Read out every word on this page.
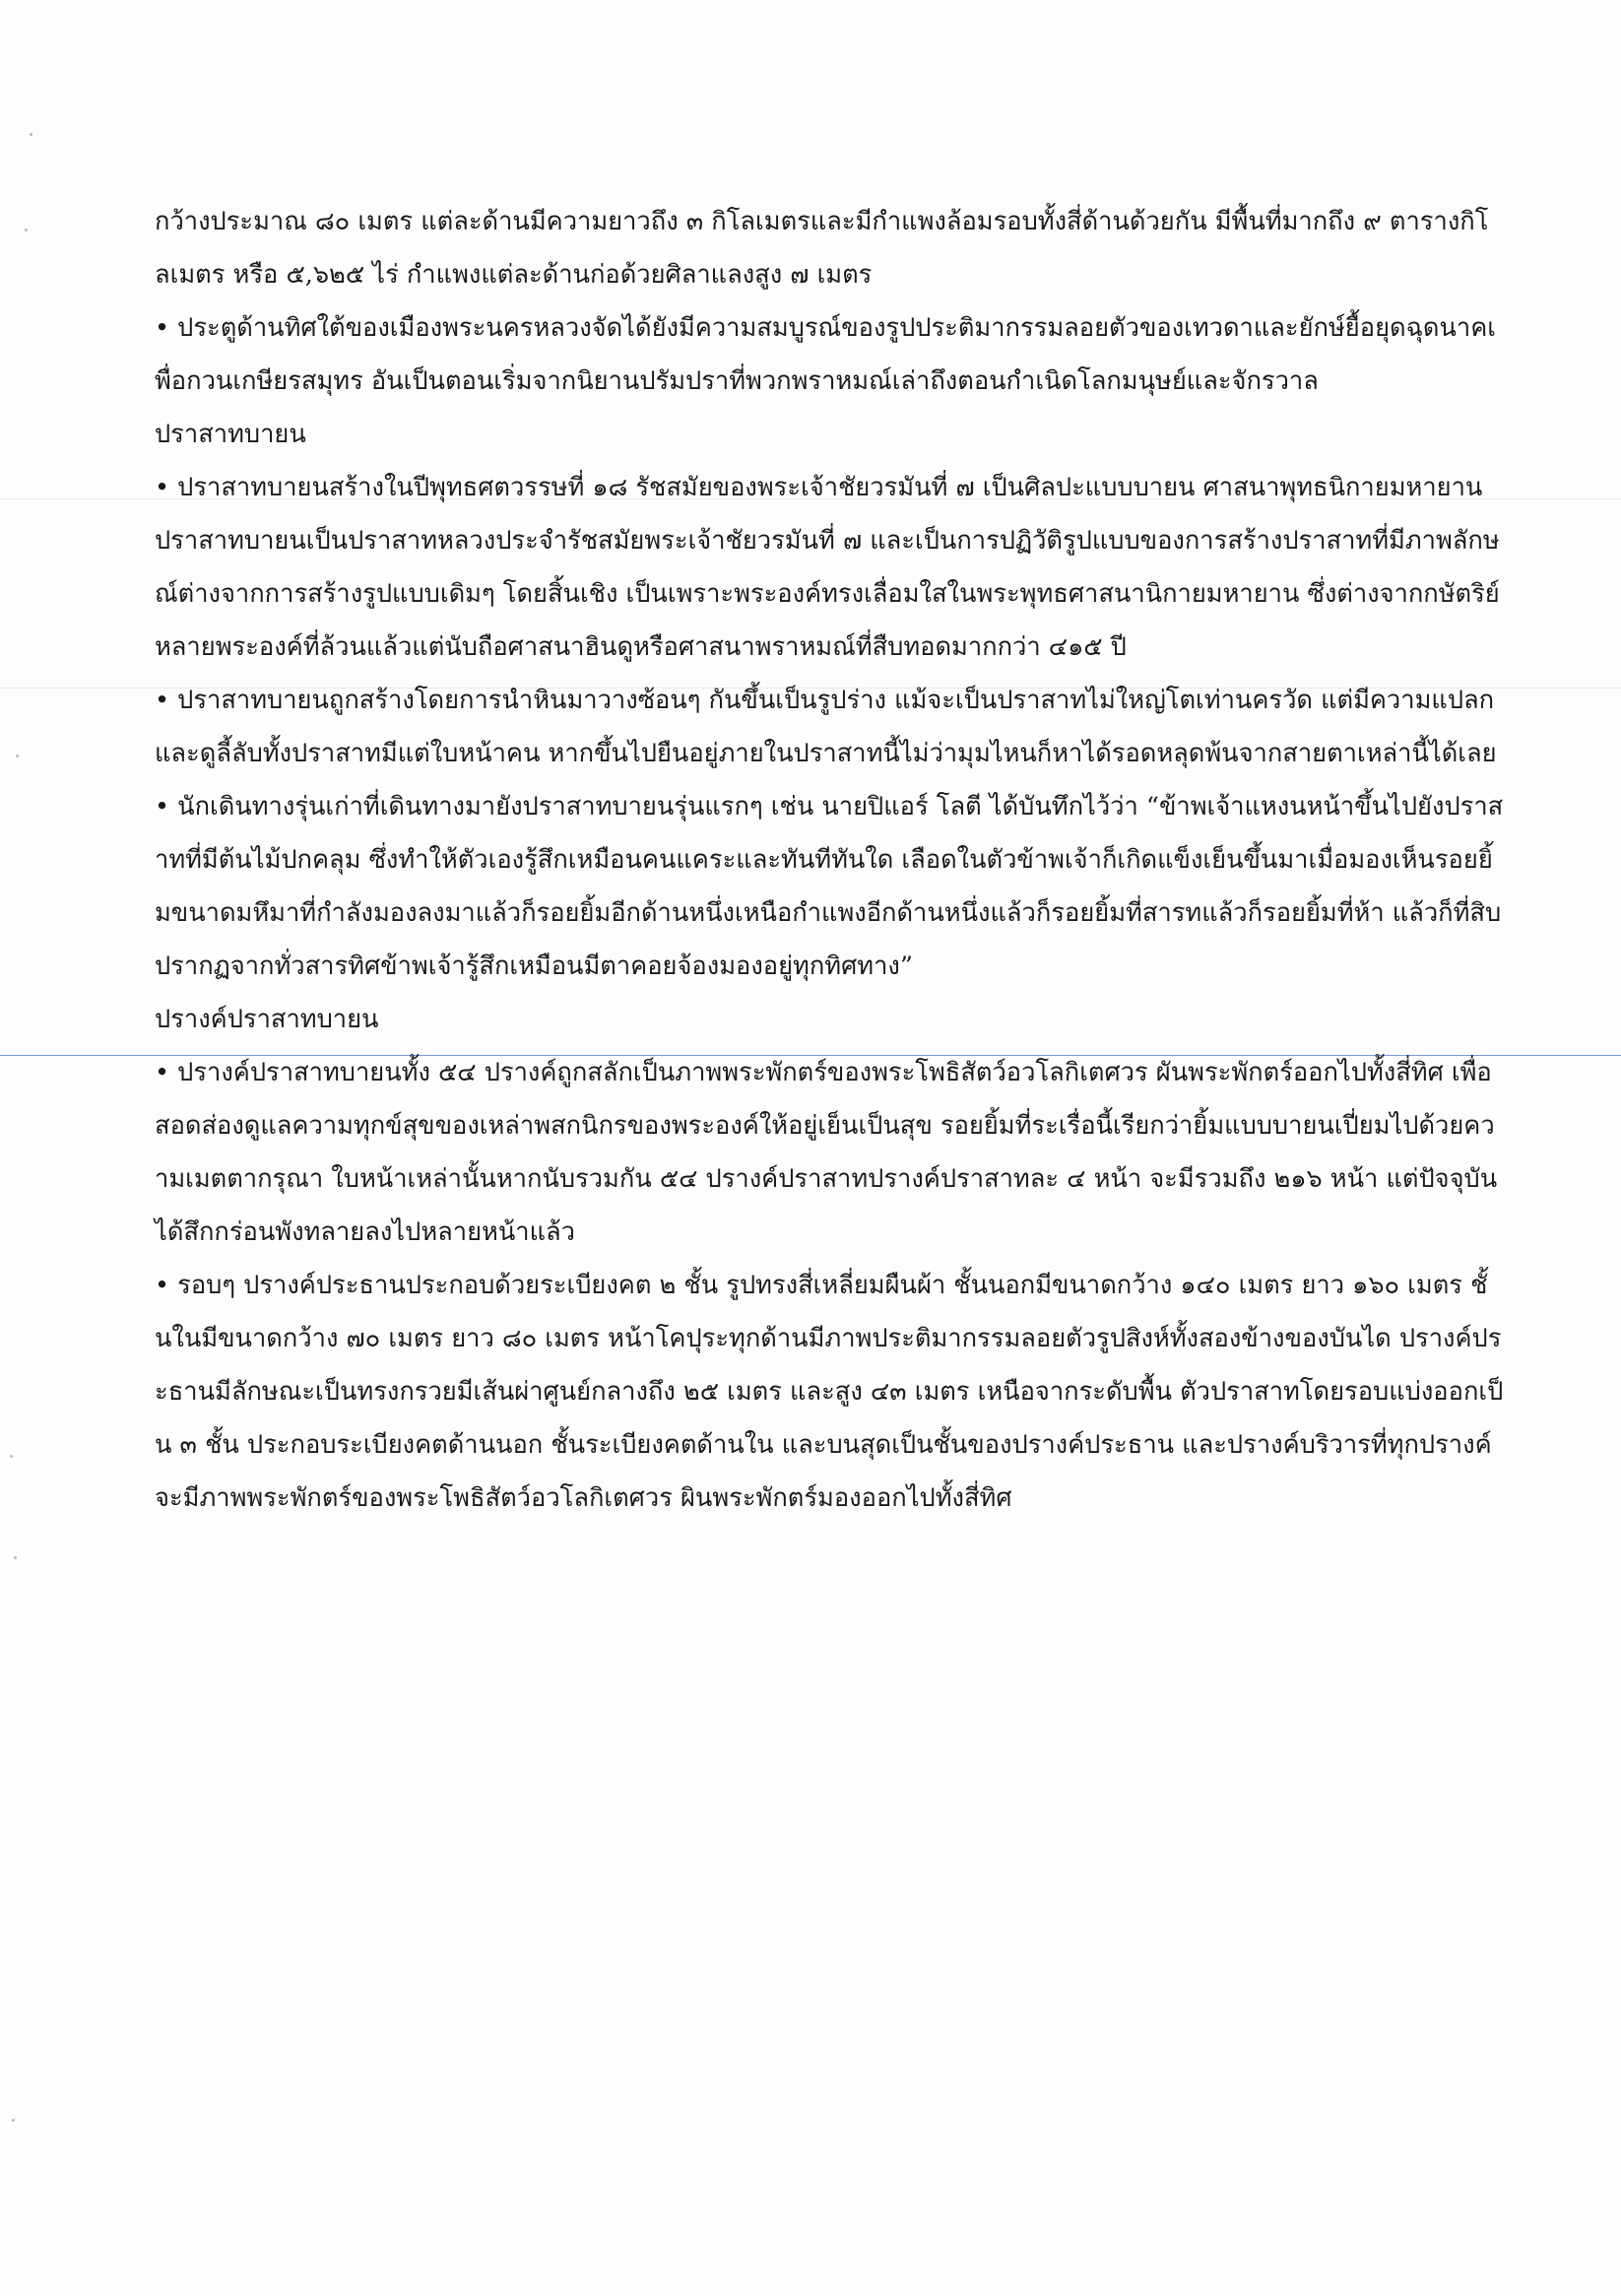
กว้างประมาณ ๘๐ เมตร แต่ละด้านมีความยาวถึง ๓ กิโลเมตรและมีกำแพงล้อมรอบทั้งสี่ด้านด้วยกัน มีพื้นที่มากถึง ๙ ตารางกิโลเมตร หรือ ๕,๖๒๕ ไร่ กำแพงแต่ละด้านก่อด้วยศิลาแลงสูง ๗ เมตร

• ประตูด้านทิศใต้ของเมืองพระนครหลวงจัดได้ยังมีความสมบูรณ์ของรูปประติมากรรมลอยตัวของเทวดาและยักษ์ยื้อยุดฉุดนาคเพื่อกวนเกษียรสมุทร อันเป็นตอนเริ่มจากนิยานปรัมปราที่พวกพราหมณ์เล่าถึงตอนกำเนิดโลกมนุษย์และจักรวาล

ปราสาทบายน

• ปราสาทบายนสร้างในปีพุทธศตวรรษที่ ๑๘ รัชสมัยของพระเจ้าชัยวรมันที่ ๗ เป็นศิลปะแบบบายน ศาสนาพุทธนิกายมหายาน ปราสาทบายนเป็นปราสาทหลวงประจำรัชสมัยพระเจ้าชัยวรมันที่ ๗ และเป็นการปฏิวัติรูปแบบของการสร้างปราสาทที่มีภาพลักษณ์ต่างจากการสร้างรูปแบบเดิมๆ โดยสิ้นเชิง เป็นเพราะพระองค์ทรงเลื่อมใสในพระพุทธศาสนานิกายมหายาน ซึ่งต่างจากกษัตริย์หลายพระองค์ที่ล้วนแล้วแต่นับถือศาสนาฮินดูหรือศาสนาพราหมณ์ที่สืบทอดมากกว่า ๔๑๕ ปี

• ปราสาทบายนถูกสร้างโดยการนำหินมาวางซ้อนๆ กันขึ้นเป็นรูปร่าง แม้จะเป็นปราสาทไม่ใหญ่โตเท่านครวัด แต่มีความแปลกและดูลี้ลับทั้งปราสาทมีแต่ใบหน้าคน หากขึ้นไปยืนอยู่ภายในปราสาทนี้ไม่ว่ามุมไหนก็หาได้รอดหลุดพ้นจากสายตาเหล่านี้ได้เลย

• นักเดินทางรุ่นเก่าที่เดินทางมายังปราสาทบายนรุ่นแรกๆ เช่น นายปิแอร์ โลตี ได้บันทึกไว้ว่า “ข้าพเจ้าแหงนหน้าขึ้นไปยังปราสาทที่มีต้นไม้ปกคลุม ซึ่งทำให้ตัวเองรู้สึกเหมือนคนแคระและทันทีทันใด เลือดในตัวข้าพเจ้าก็เกิดแข็งเย็นขึ้นมาเมื่อมองเห็นรอยยิ้มขนาดมหึมาที่กำลังมองลงมาแล้วก็รอยยิ้มอีกด้านหนึ่งเหนือกำแพงอีกด้านหนึ่งแล้วก็รอยยิ้มที่สารทแล้วก็รอยยิ้มที่ห้า แล้วก็ที่สิบ ปรากฏจากทั่วสารทิศข้าพเจ้ารู้สึกเหมือนมีตาคอยจ้องมองอยู่ทุกทิศทาง”

ปรางค์ปราสาทบายน

• ปรางค์ปราสาทบายนทั้ง ๕๔ ปรางค์ถูกสลักเป็นภาพพระพักตร์ของพระโพธิสัตว์อวโลกิเตศวร ผันพระพักตร์ออกไปทั้งสี่ทิศ เพื่อสอดส่องดูแลความทุกข์สุขของเหล่าพสกนิกรของพระองค์ให้อยู่เย็นเป็นสุข รอยยิ้มที่ระเรื่อนี้เรียกว่ายิ้มแบบบายนเปี่ยมไปด้วยความเมตตากรุณา ใบหน้าเหล่านั้นหากนับรวมกัน ๕๔ ปรางค์ปราสาทปรางค์ปราสาทละ ๔ หน้า จะมีรวมถึง ๒๑๖ หน้า แต่ปัจจุบันได้สึกกร่อนพังทลายลงไปหลายหน้าแล้ว

• รอบๆ ปรางค์ประธานประกอบด้วยระเบียงคต ๒ ชั้น รูปทรงสี่เหลี่ยมผืนผ้า ชั้นนอกมีขนาดกว้าง ๑๔๐ เมตร ยาว ๑๖๐ เมตร ชั้นในมีขนาดกว้าง ๗๐ เมตร ยาว ๘๐ เมตร หน้าโคปุระทุกด้านมีภาพประติมากรรมลอยตัวรูปสิงห์ทั้งสองข้างของบันได ปรางค์ประธานมีลักษณะเป็นทรงกรวยมีเส้นผ่าศูนย์กลางถึง ๒๕ เมตร และสูง ๔๓ เมตร เหนือจากระดับพื้น ตัวปราสาทโดยรอบแบ่งออกเป็น ๓ ชั้น ประกอบระเบียงคตด้านนอก ชั้นระเบียงคตด้านใน และบนสุดเป็นชั้นของปรางค์ประธาน และปรางค์บริวารที่ทุกปรางค์จะมีภาพพระพักตร์ของพระโพธิสัตว์อวโลกิเตศวร ผินพระพักตร์มองออกไปทั้งสี่ทิศ
